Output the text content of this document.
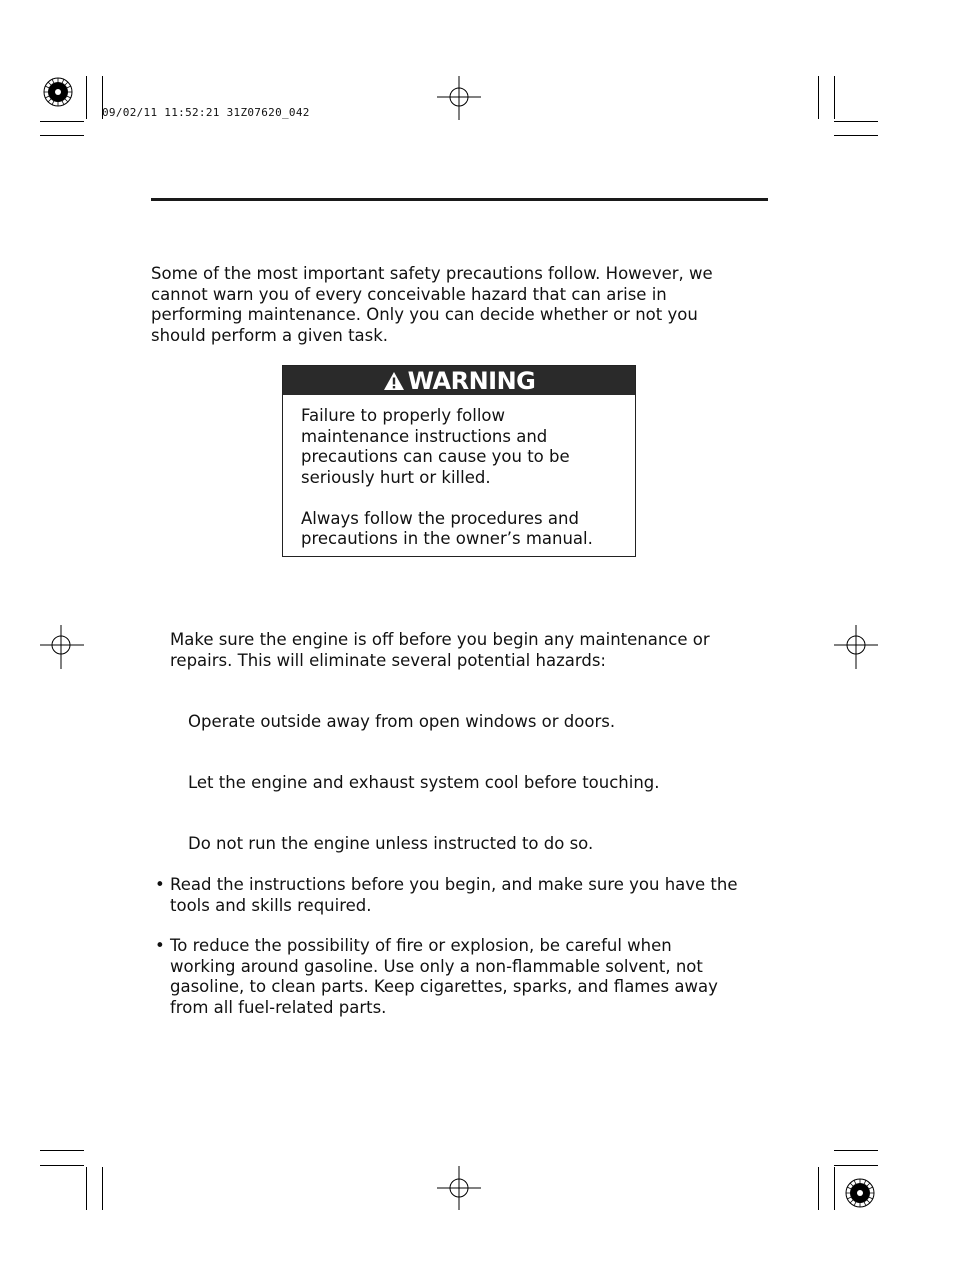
09/02/11 11:52:21 31Z07620_042
Some of the most important safety precautions follow. However, we
cannot warn you of every conceivable hazard that can arise in
performing maintenance. Only you can decide whether or not you
should perform a given task.
WARNING

Failure to properly follow
maintenance instructions and
precautions can cause you to be
seriously hurt or killed.

Always follow the procedures and
precautions in the owner’s manual.

Make sure the engine is off before you begin any maintenance or
repairs. This will eliminate several potential hazards:
Operate outside away from open windows or doors.
Let the engine and exhaust system cool before touching.
Do not run the engine unless instructed to do so.
• Read the instructions before you begin, and make sure you have the
tools and skills required.
• To reduce the possibility of fire or explosion, be careful when
working around gasoline. Use only a non-flammable solvent, not
gasoline, to clean parts. Keep cigarettes, sparks, and flames away
from all fuel-related parts.
